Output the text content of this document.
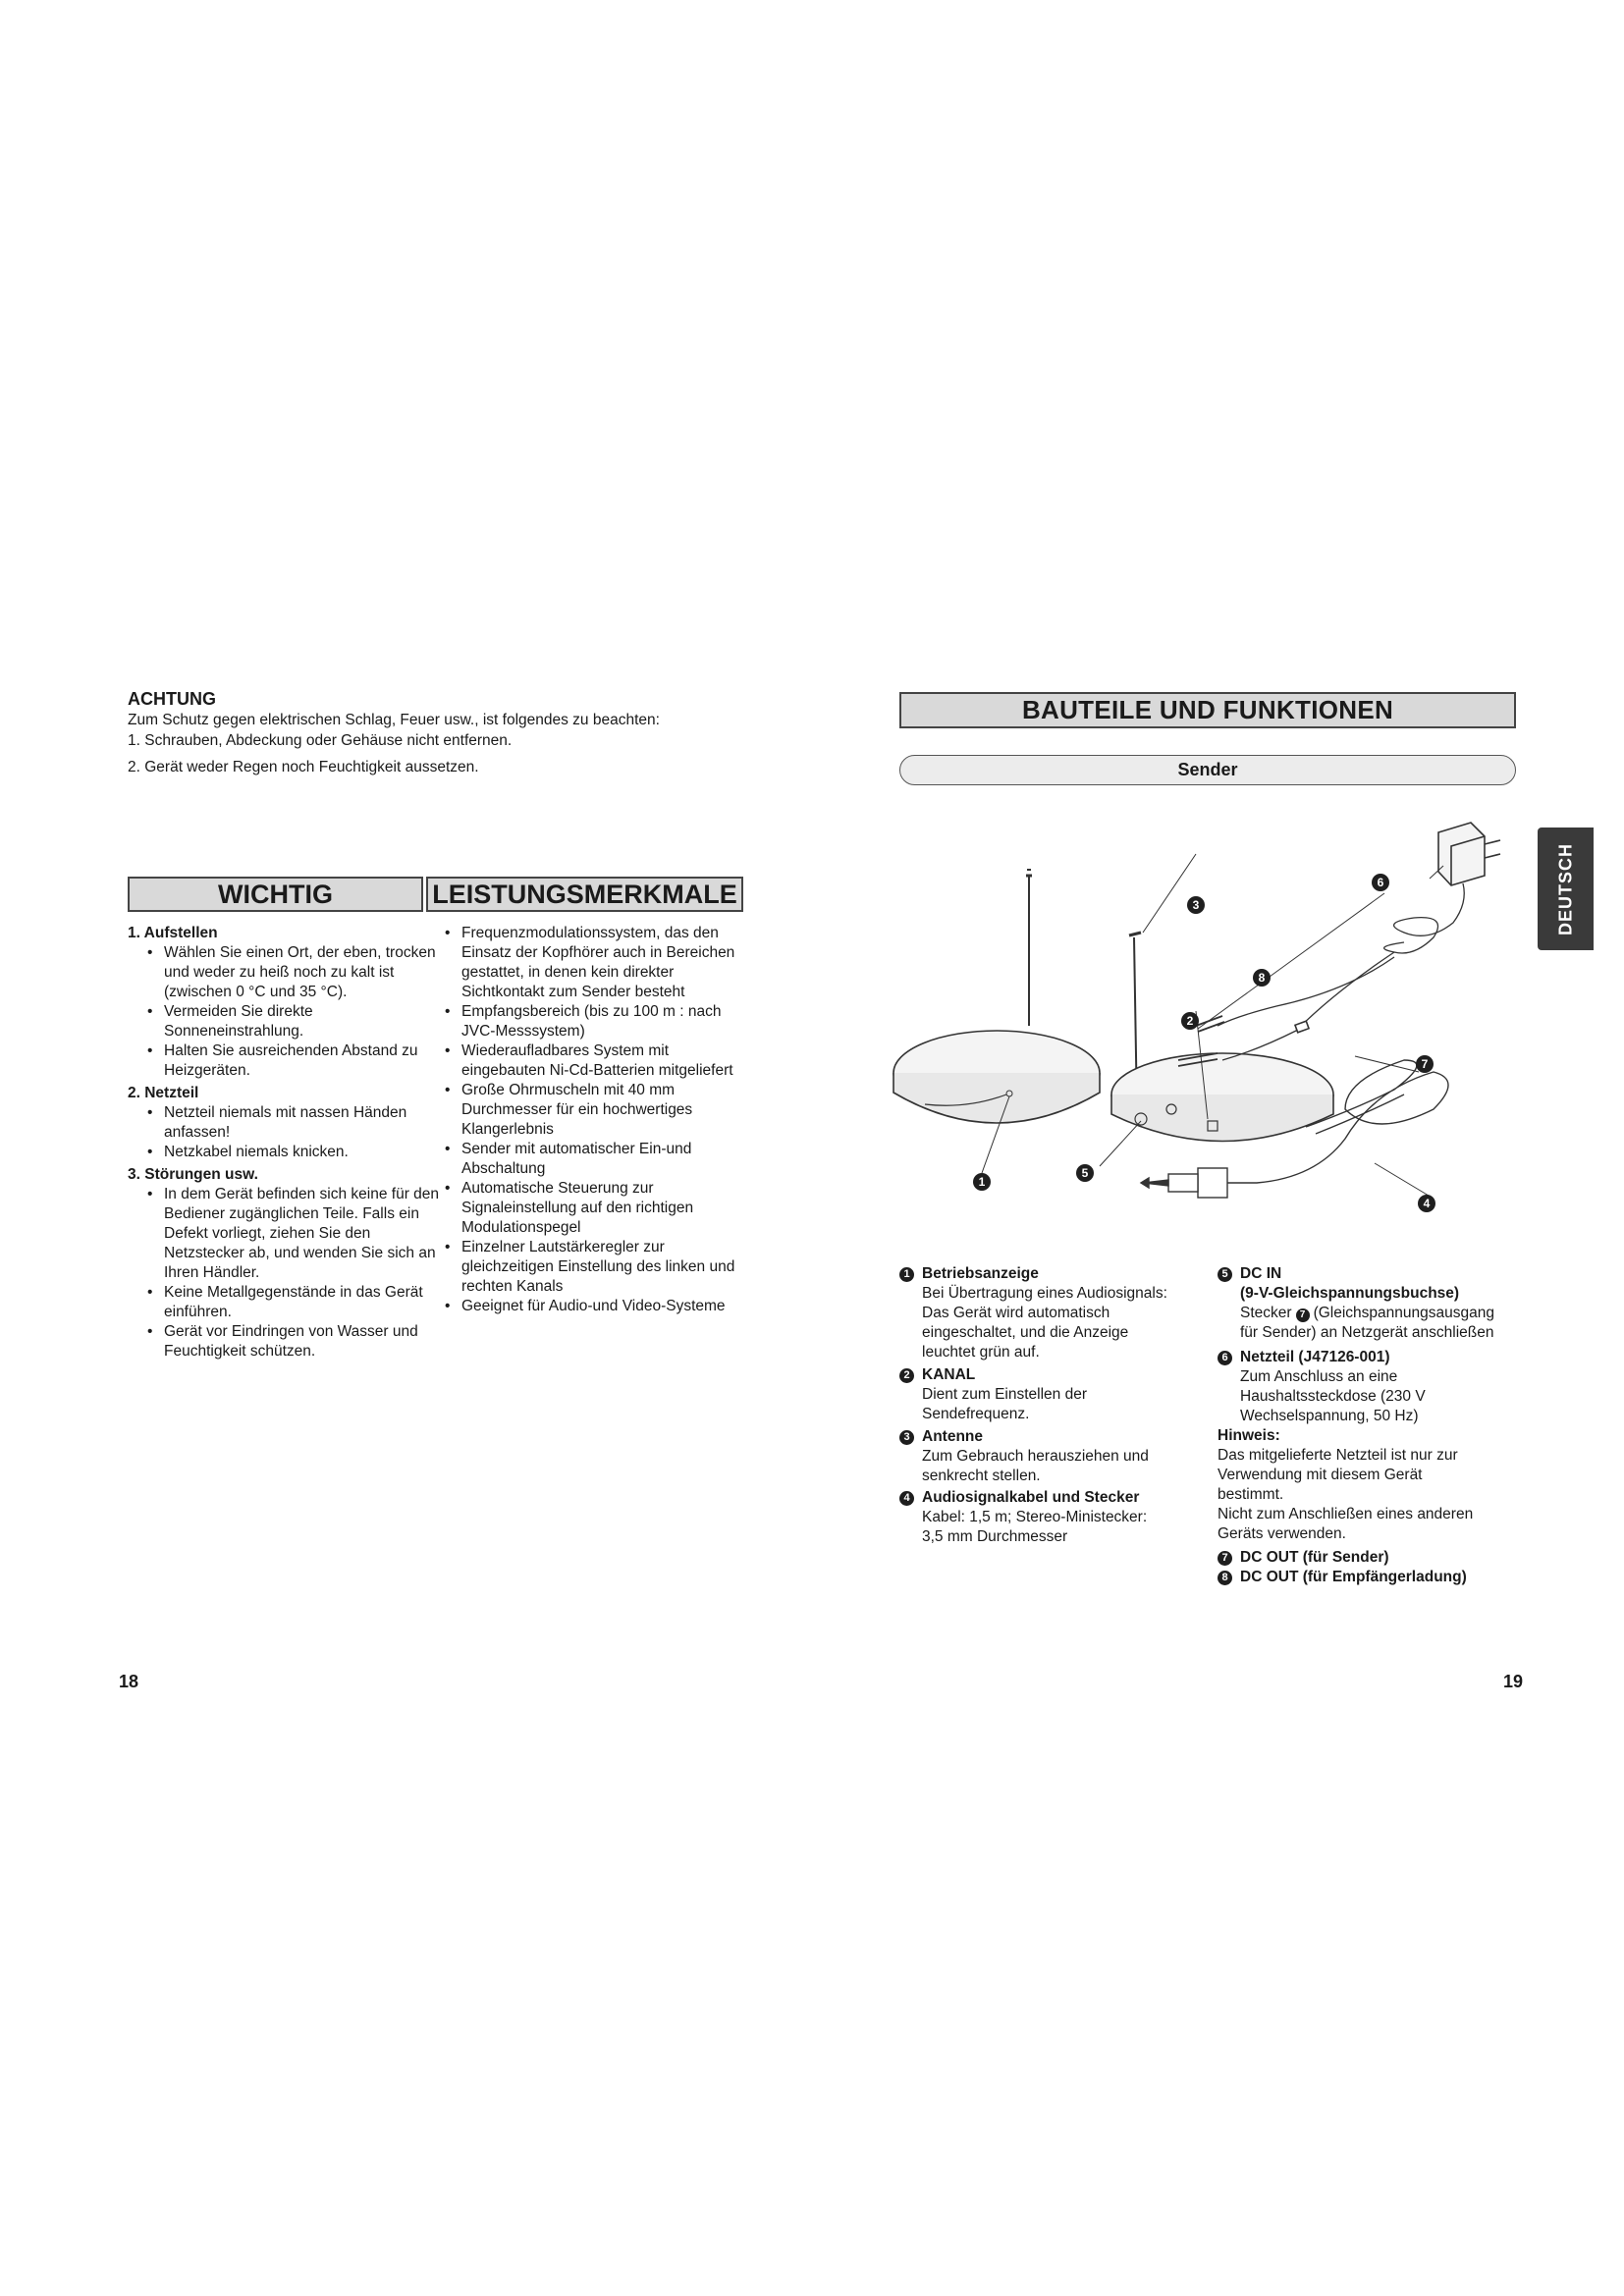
ACHTUNG

Zum Schutz gegen elektrischen Schlag, Feuer usw., ist folgendes zu beachten:

1. Schrauben, Abdeckung oder Gehäuse nicht entfernen.

2. Gerät weder Regen noch Feuchtigkeit aussetzen.

WICHTIG	LEISTUNGSMERKMALE

1. Aufstellen

• Wählen Sie einen Ort, der eben, trocken und weder zu heiß noch zu kalt ist (zwischen 0 °C und 35 °C).
• Vermeiden Sie direkte Sonneneinstrahlung.
• Halten Sie ausreichenden Abstand zu Heizgeräten.

2. Netzteil

• Netzteil niemals mit nassen Händen anfassen!
• Netzkabel niemals knicken.

3. Störungen usw.

• In dem Gerät befinden sich keine für den Bediener zugänglichen Teile. Falls ein Defekt vorliegt, ziehen Sie den Netzstecker ab, und wenden Sie sich an Ihren Händler.
• Keine Metallgegenstände in das Gerät einführen.
• Gerät vor Eindringen von Wasser und Feuchtigkeit schützen.
• Frequenzmodulationssystem, das den Einsatz der Kopfhörer auch in Bereichen gestattet, in denen kein direkter Sichtkontakt zum Sender besteht
• Empfangsbereich (bis zu 100 m : nach JVC-Messsystem)
• Wiederaufladbares System mit eingebauten Ni-Cd-Batterien mitgeliefert
• Große Ohrmuscheln mit 40 mm Durchmesser für ein hochwertiges Klangerlebnis
• Sender mit automatischer Ein-und Abschaltung
• Automatische Steuerung zur Signaleinstellung auf den richtigen Modulationspegel
• Einzelner Lautstärkeregler zur gleichzeitigen Einstellung des linken und rechten Kanals
• Geeignet für Audio-und Video-Systeme
BAUTEILE UND FUNKTIONEN
Sender
DEUTSCH
1
2
3
4
5
6
7
8
1 Betriebsanzeige

Bei Übertragung eines Audiosignals:

Das Gerät wird automatisch

eingeschaltet, und die Anzeige

leuchtet grün auf.

2 KANAL

Dient zum Einstellen der

Sendefrequenz.

3 Antenne

Zum Gebrauch herausziehen und

senkrecht stellen.

4 Audiosignalkabel und Stecker

Kabel: 1,5 m; Stereo-Ministecker:

3,5 mm Durchmesser

5 DC IN

(9-V-Gleichspannungsbuchse)

Stecker 7 (Gleichspannungsausgang

für Sender) an Netzgerät anschließen

6 Netzteil (J47126-001)

Zum Anschluss an eine

Haushaltssteckdose (230 V

Wechselspannung, 50 Hz)

Hinweis:

Das mitgelieferte Netzteil ist nur zur

Verwendung mit diesem Gerät

bestimmt.

Nicht zum Anschließen eines anderen

Geräts verwenden.

7 DC OUT (für Sender)

8 DC OUT (für Empfängerladung)

18	19
